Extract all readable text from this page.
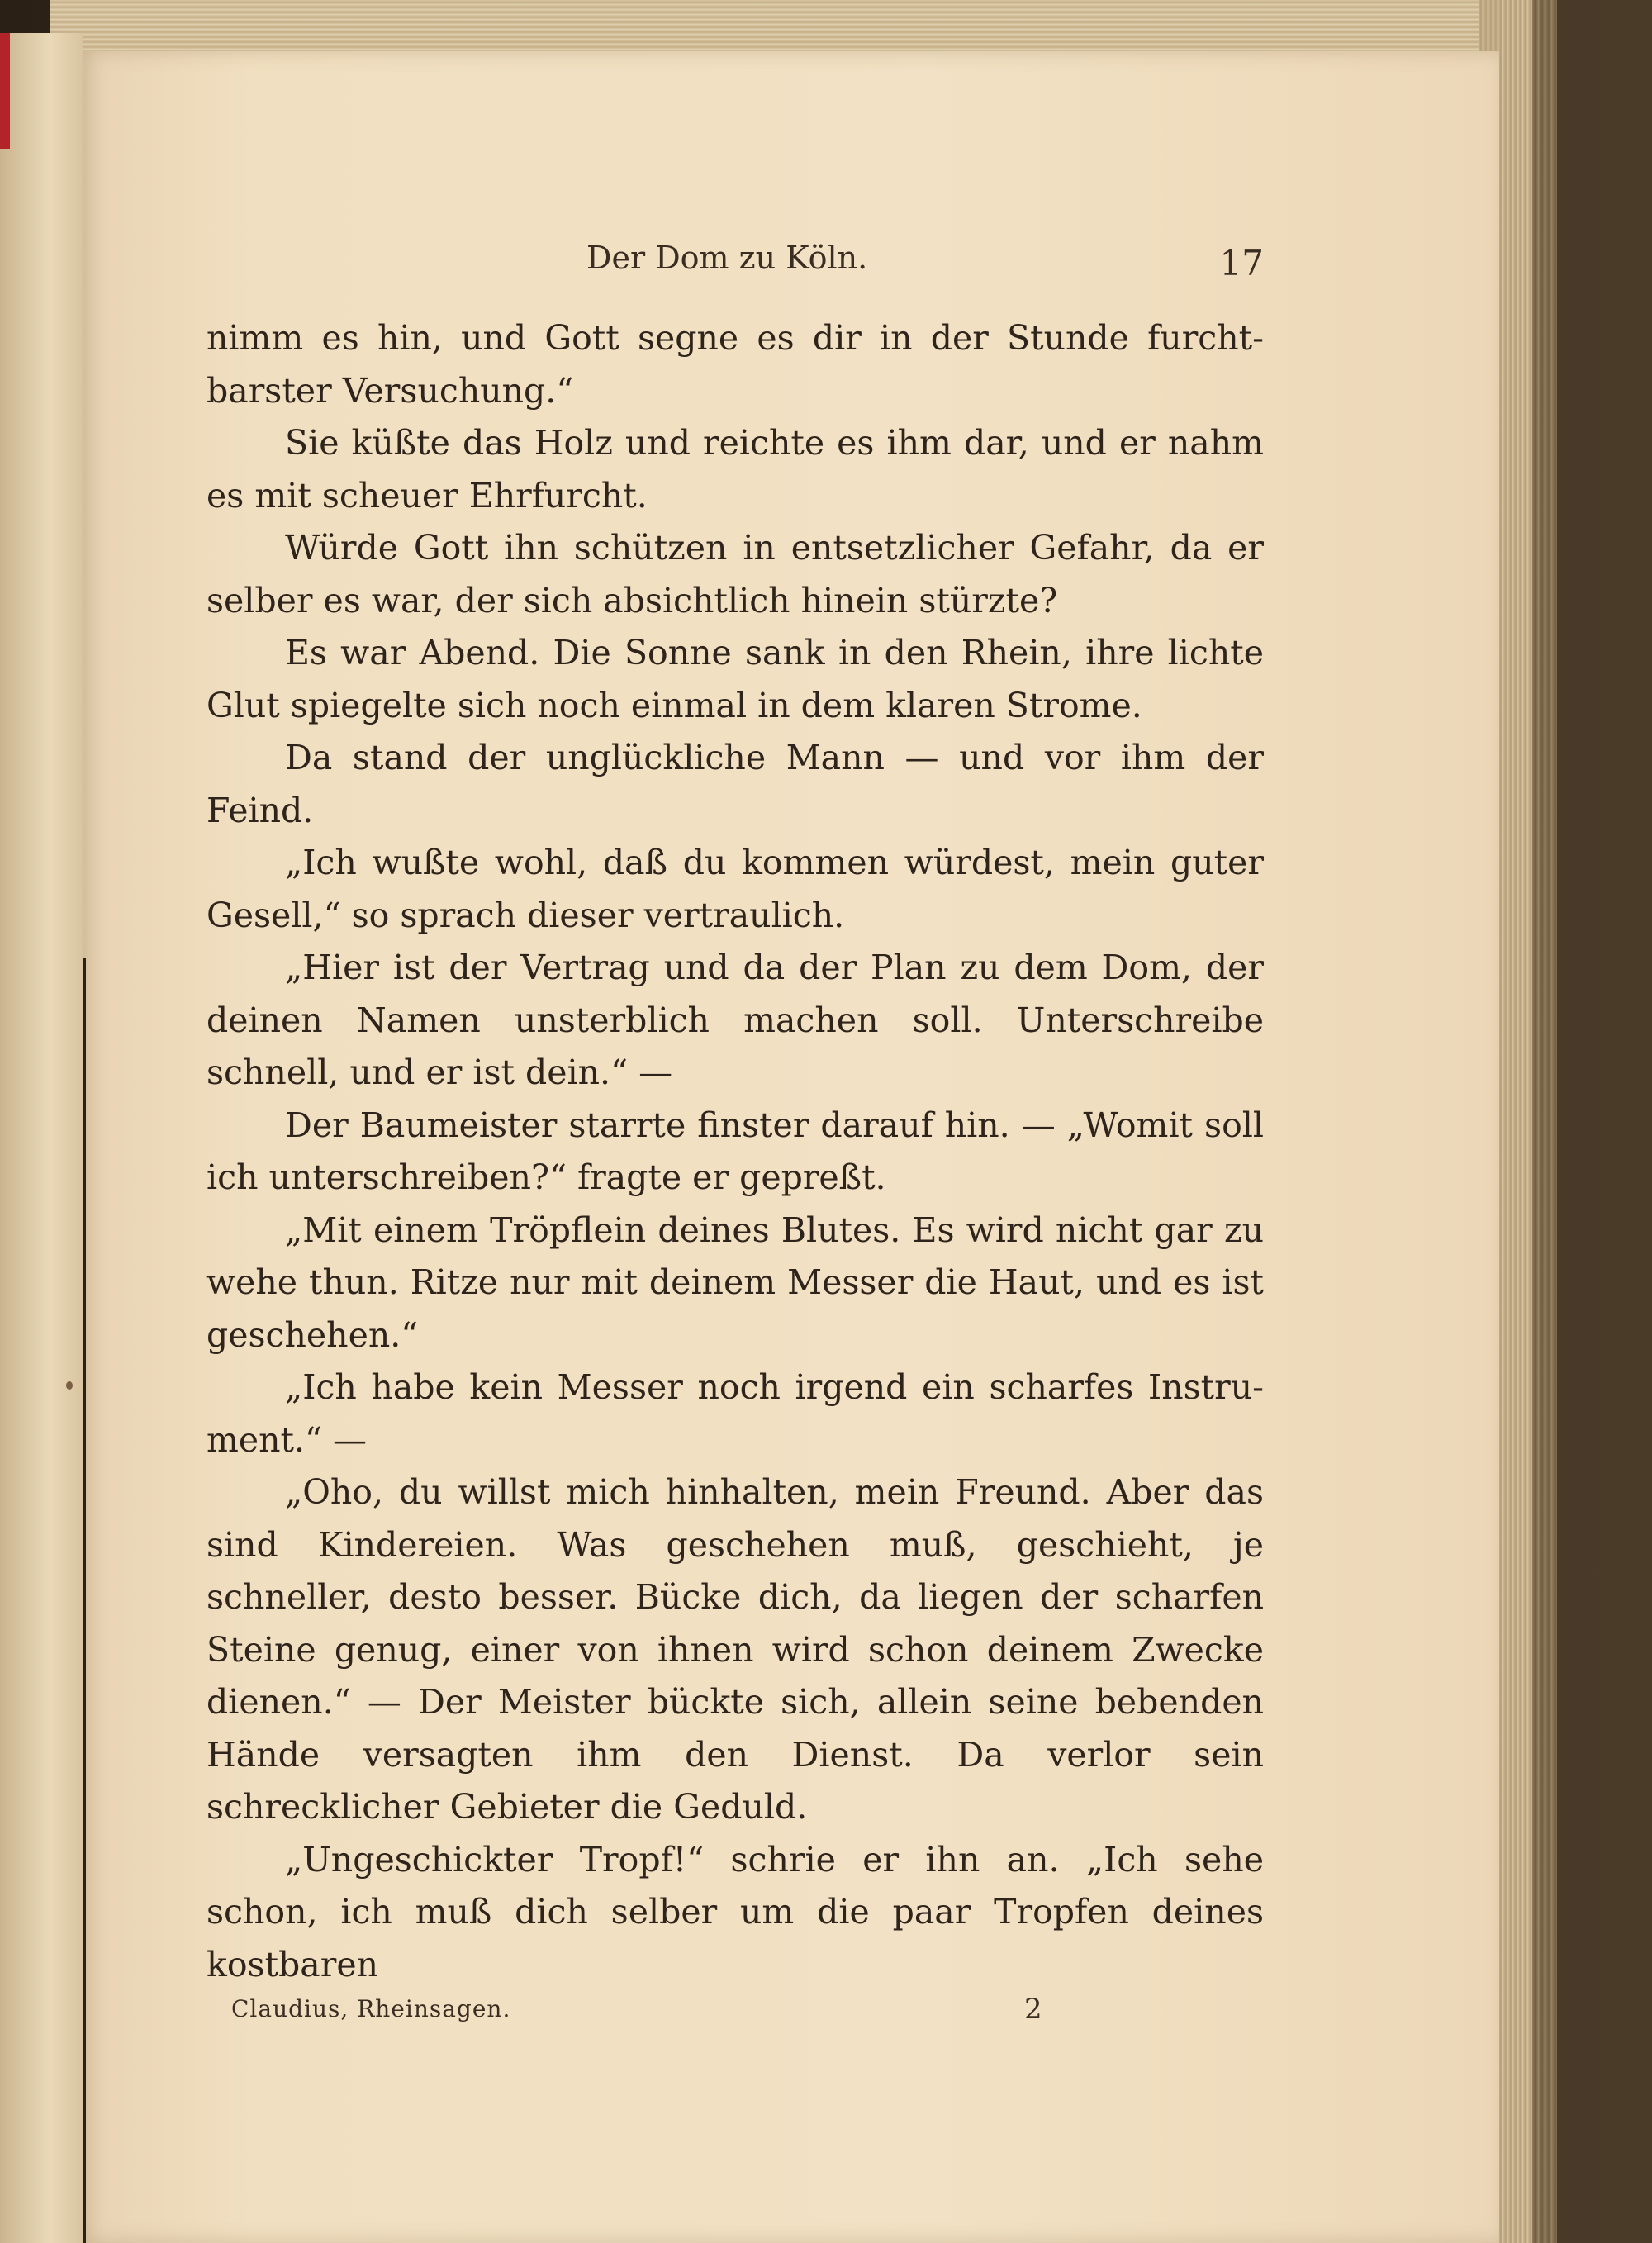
Der Dom zu Köln.	17

nimm es hin, und Gott segne es dir in der Stunde furcht-barster Versuchung.“

Sie küßte das Holz und reichte es ihm dar, und er nahm es mit scheuer Ehrfurcht.

Würde Gott ihn schützen in entsetzlicher Gefahr, da er selber es war, der sich absichtlich hinein stürzte?

Es war Abend. Die Sonne sank in den Rhein, ihre lichte Glut spiegelte sich noch einmal in dem klaren Strome.

Da stand der unglückliche Mann — und vor ihm der Feind.

„Ich wußte wohl, daß du kommen würdest, mein guter Gesell,“ so sprach dieser vertraulich.

„Hier ist der Vertrag und da der Plan zu dem Dom, der deinen Namen unsterblich machen soll. Unterschreibe schnell, und er ist dein.“ —

Der Baumeister starrte finster darauf hin. — „Womit soll ich unterschreiben?“ fragte er gepreßt.

„Mit einem Tröpflein deines Blutes. Es wird nicht gar zu wehe thun. Ritze nur mit deinem Messer die Haut, und es ist geschehen.“

„Ich habe kein Messer noch irgend ein scharfes Instru-ment.“ —

„Oho, du willst mich hinhalten, mein Freund. Aber das sind Kindereien. Was geschehen muß, geschieht, je schneller, desto besser. Bücke dich, da liegen der scharfen Steine genug, einer von ihnen wird schon deinem Zwecke dienen.“ — Der Meister bückte sich, allein seine bebenden Hände versagten ihm den Dienst. Da verlor sein schrecklicher Gebieter die Geduld.

„Ungeschickter Tropf!“ schrie er ihn an. „Ich sehe schon, ich muß dich selber um die paar Tropfen deines kostbaren

Claudius, Rheinsagen.	2
